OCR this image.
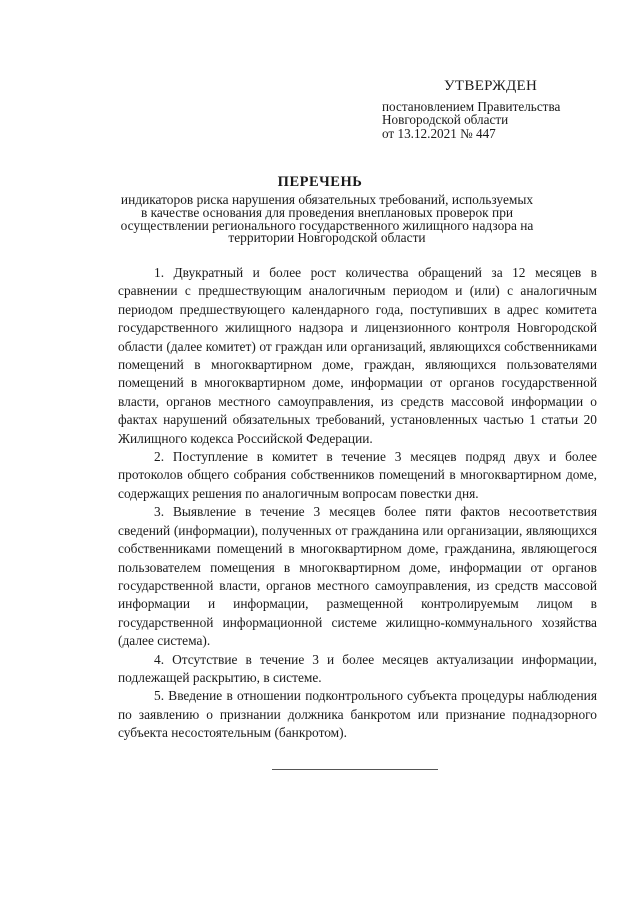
УТВЕРЖДЕН
постановлением Правительства
Новгородской области
от 13.12.2021 № 447
ПЕРЕЧЕНЬ
индикаторов риска нарушения обязательных требований, используемых в качестве основания для проведения внеплановых проверок при осуществлении регионального государственного жилищного надзора на территории Новгородской области

1. Двукратный и более рост количества обращений за 12 месяцев в сравнении с предшествующим аналогичным периодом и (или) с аналогичным периодом предшествующего календарного года, поступивших в адрес комитета государственного жилищного надзора и лицензионного контроля Новгородской области (далее комитет) от граждан или организаций, являющихся собственниками помещений в многоквартирном доме, граждан, являющихся пользователями помещений в многоквартирном доме, информации от органов государственной власти, органов местного самоуправления, из средств массовой информации о фактах нарушений обязательных требований, установленных частью 1 статьи 20 Жилищного кодекса Российской Федерации.

2. Поступление в комитет в течение 3 месяцев подряд двух и более протоколов общего собрания собственников помещений в многоквартирном доме, содержащих решения по аналогичным вопросам повестки дня.

3. Выявление в течение 3 месяцев более пяти фактов несоответствия сведений (информации), полученных от гражданина или организации, являющихся собственниками помещений в многоквартирном доме, гражданина, являющегося пользователем помещения в многоквартирном доме, информации от органов государственной власти, органов местного самоуправления, из средств массовой информации и информации, размещенной контролируемым лицом в государственной информационной системе жилищно-коммунального хозяйства (далее система).

4. Отсутствие в течение 3 и более месяцев актуализации информации, подлежащей раскрытию, в системе.

5. Введение в отношении подконтрольного субъекта процедуры наблюдения по заявлению о признании должника банкротом или признание поднадзорного субъекта несостоятельным (банкротом).
